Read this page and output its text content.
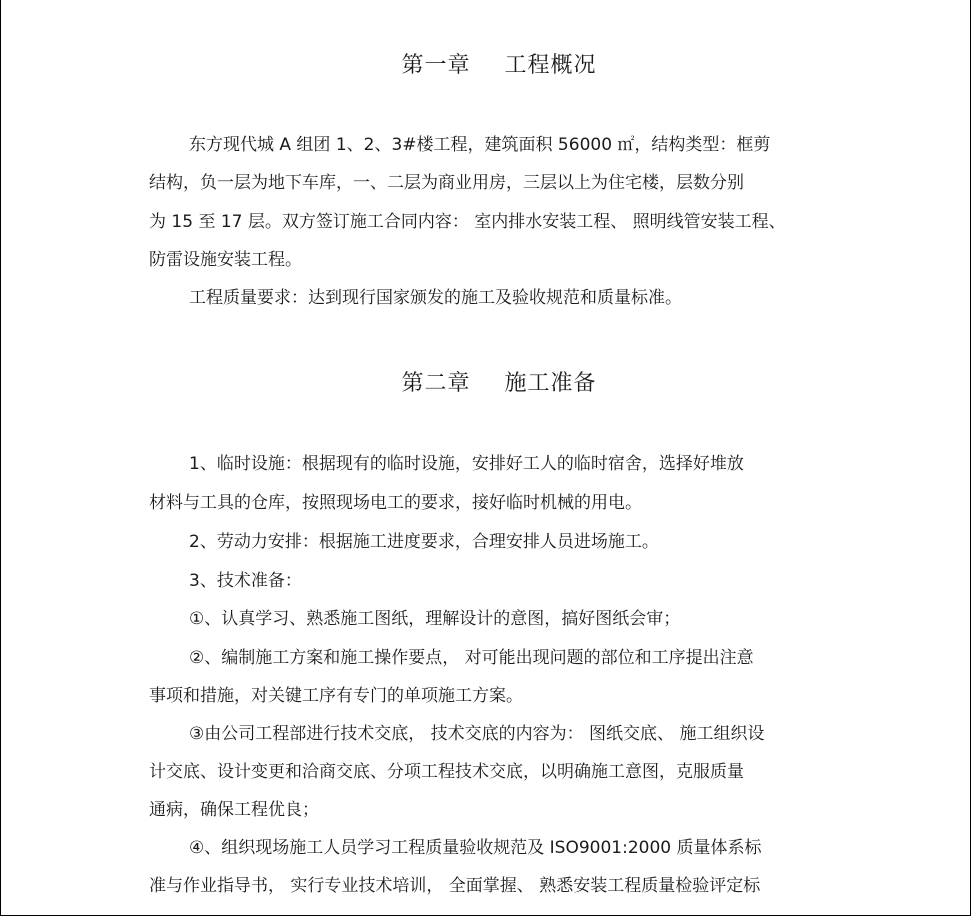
第一章 工程概况
东方现代城 A 组团 1、2、3#楼工程，建筑面积 56000 ㎡，结构类型：框剪
结构，负一层为地下车库，一、二层为商业用房，三层以上为住宅楼，层数分别
为 15 至 17 层。双方签订施工合同内容： 室内排水安装工程、 照明线管安装工程、
防雷设施安装工程。
工程质量要求：达到现行国家颁发的施工及验收规范和质量标准。
第二章 施工准备
1、临时设施：根据现有的临时设施，安排好工人的临时宿舍，选择好堆放
材料与工具的仓库，按照现场电工的要求，接好临时机械的用电。
2、劳动力安排：根据施工进度要求，合理安排人员进场施工。
3、技术准备：
①、认真学习、熟悉施工图纸，理解设计的意图，搞好图纸会审；
②、编制施工方案和施工操作要点， 对可能出现问题的部位和工序提出注意
事项和措施，对关键工序有专门的单项施工方案。
③由公司工程部进行技术交底， 技术交底的内容为： 图纸交底、 施工组织设
计交底、设计变更和洽商交底、分项工程技术交底，以明确施工意图，克服质量
通病，确保工程优良；
④、组织现场施工人员学习工程质量验收规范及 ISO9001:2000 质量体系标
准与作业指导书， 实行专业技术培训， 全面掌握、 熟悉安装工程质量检验评定标
